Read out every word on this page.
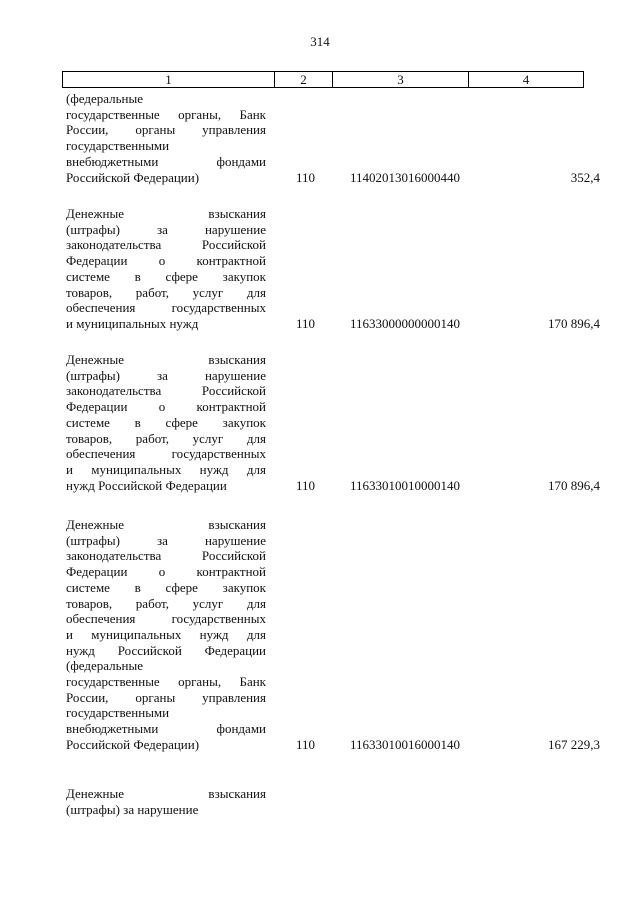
314
1	2	3	4
(федеральные
государственные органы, Банк
России, органы управления
государственными
внебюджетными фондами
Российской Федерации)	110	11402013016000440	352,4
Денежные взыскания
(штрафы) за нарушение
законодательства Российской
Федерации о контрактной
системе в сфере закупок
товаров, работ, услуг для
обеспечения государственных
и муниципальных нужд	110	11633000000000140	170 896,4
Денежные взыскания
(штрафы) за нарушение
законодательства Российской
Федерации о контрактной
системе в сфере закупок
товаров, работ, услуг для
обеспечения государственных
и муниципальных нужд для
нужд Российской Федерации	110	11633010010000140	170 896,4
Денежные взыскания
(штрафы) за нарушение
законодательства Российской
Федерации о контрактной
системе в сфере закупок
товаров, работ, услуг для
обеспечения государственных
и муниципальных нужд для
нужд Российской Федерации
(федеральные
государственные органы, Банк
России, органы управления
государственными
внебюджетными фондами
Российской Федерации)	110	11633010016000140	167 229,3
Денежные взыскания
(штрафы) за нарушение
